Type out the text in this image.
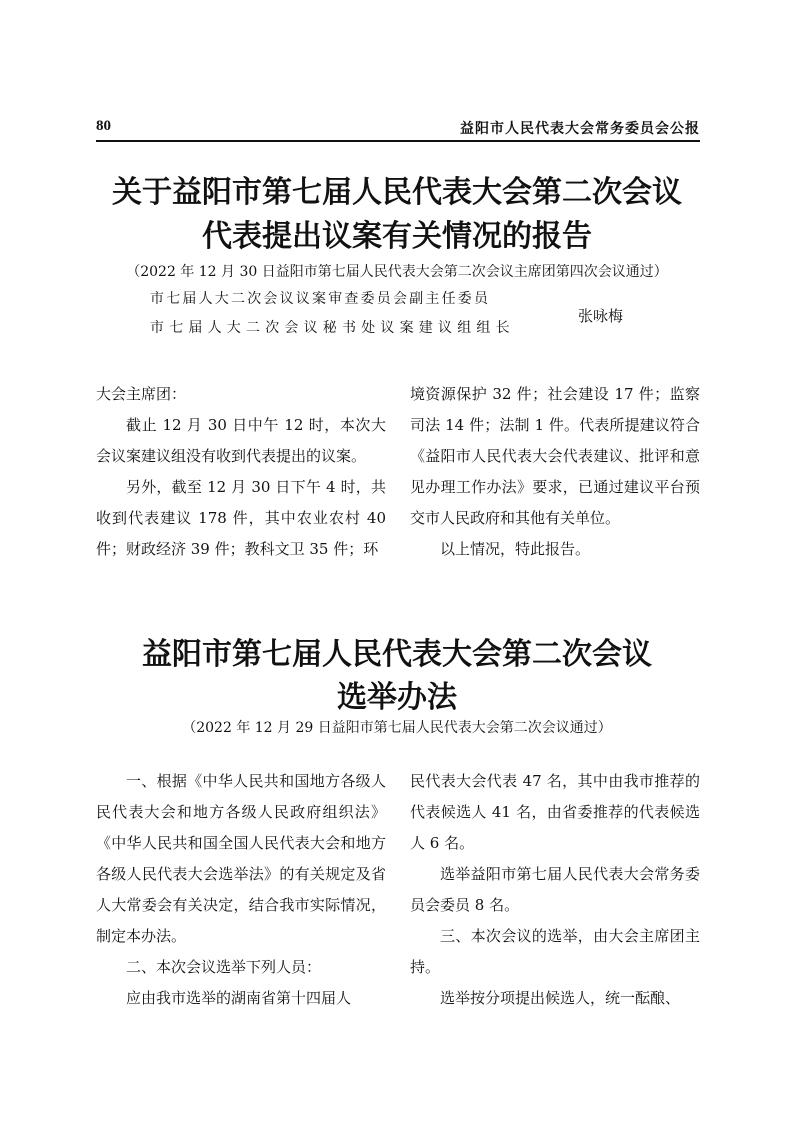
80	益阳市人民代表大会常务委员会公报
关于益阳市第七届人民代表大会第二次会议
代表提出议案有关情况的报告
（2022 年 12 月 30 日益阳市第七届人民代表大会第二次会议主席团第四次会议通过）
市七届人大二次会议议案审查委员会副主任委员
市七届人大二次会议秘书处议案建议组组长
张咏梅

大会主席团：

截止 12 月 30 日中午 12 时，本次大会议案建议组没有收到代表提出的议案。

另外，截至 12 月 30 日下午 4 时，共收到代表建议 178 件，其中农业农村 40 件；财政经济 39 件；教科文卫 35 件；环

境资源保护 32 件；社会建设 17 件；监察司法 14 件；法制 1 件。代表所提建议符合《益阳市人民代表大会代表建议、批评和意见办理工作办法》要求，已通过建议平台预交市人民政府和其他有关单位。

以上情况，特此报告。

益阳市第七届人民代表大会第二次会议
选举办法
（2022 年 12 月 29 日益阳市第七届人民代表大会第二次会议通过）

一、根据《中华人民共和国地方各级人民代表大会和地方各级人民政府组织法》《中华人民共和国全国人民代表大会和地方各级人民代表大会选举法》的有关规定及省人大常委会有关决定，结合我市实际情况，制定本办法。

二、本次会议选举下列人员：

应由我市选举的湖南省第十四届人

民代表大会代表 47 名，其中由我市推荐的代表候选人 41 名，由省委推荐的代表候选人 6 名。

选举益阳市第七届人民代表大会常务委员会委员 8 名。

三、本次会议的选举，由大会主席团主持。

选举按分项提出候选人，统一酝酿、
